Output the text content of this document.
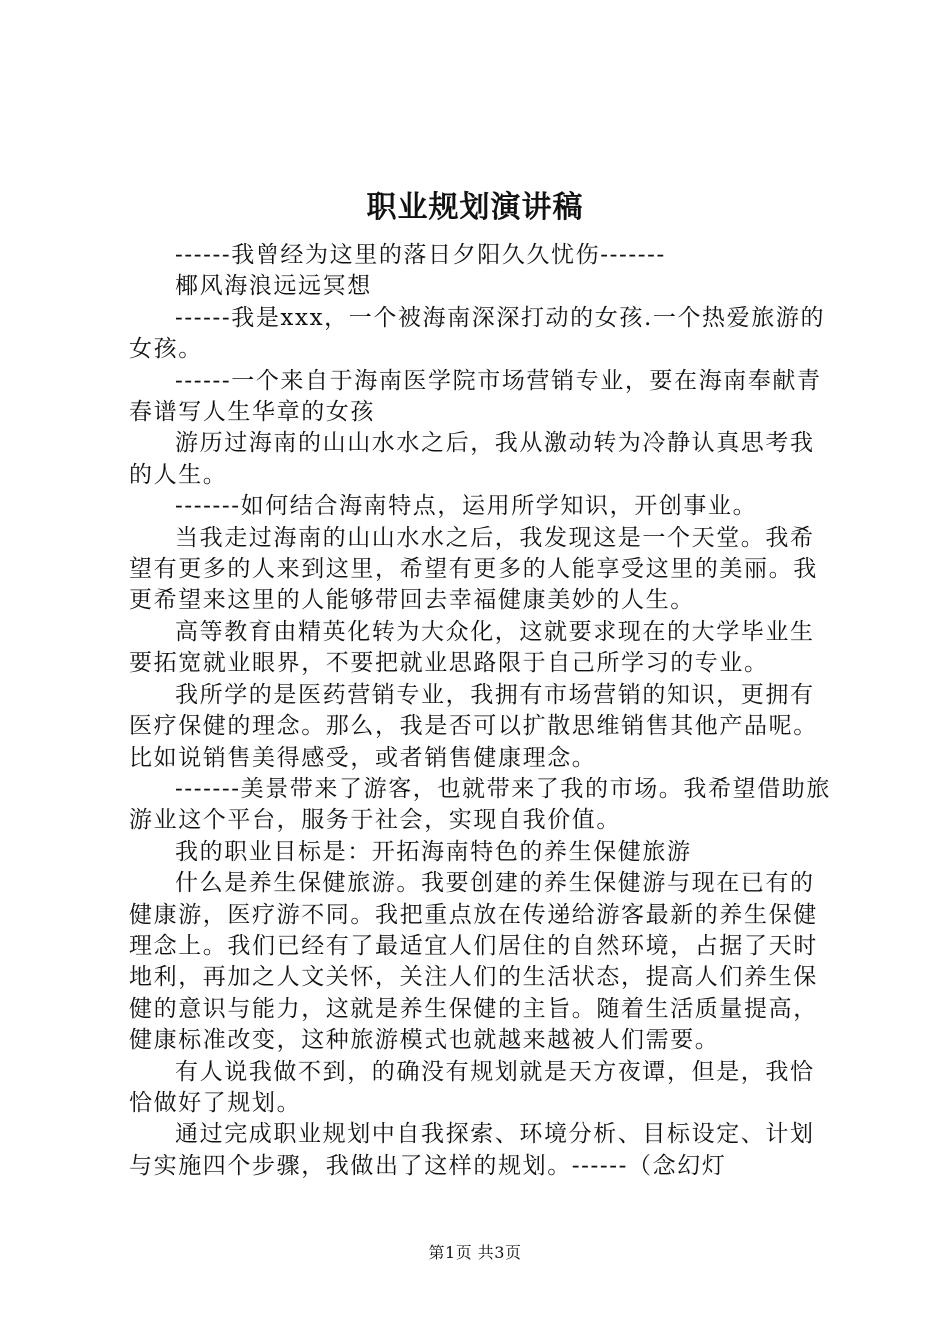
职业规划演讲稿

------我曾经为这里的落日夕阳久久忧伤-------

椰风海浪远远冥想

------我是xxx，一个被海南深深打动的女孩.一个热爱旅游的女孩。

------一个来自于海南医学院市场营销专业，要在海南奉献青春谱写人生华章的女孩

游历过海南的山山水水之后，我从激动转为冷静认真思考我的人生。

-------如何结合海南特点，运用所学知识，开创事业。

当我走过海南的山山水水之后，我发现这是一个天堂。我希望有更多的人来到这里，希望有更多的人能享受这里的美丽。我更希望来这里的人能够带回去幸福健康美妙的人生。

高等教育由精英化转为大众化，这就要求现在的大学毕业生要拓宽就业眼界，不要把就业思路限于自己所学习的专业。

我所学的是医药营销专业，我拥有市场营销的知识，更拥有医疗保健的理念。那么，我是否可以扩散思维销售其他产品呢。比如说销售美得感受，或者销售健康理念。

-------美景带来了游客，也就带来了我的市场。我希望借助旅游业这个平台，服务于社会，实现自我价值。

我的职业目标是：开拓海南特色的养生保健旅游

什么是养生保健旅游。我要创建的养生保健游与现在已有的健康游，医疗游不同。我把重点放在传递给游客最新的养生保健理念上。我们已经有了最适宜人们居住的自然环境，占据了天时地利，再加之人文关怀，关注人们的生活状态，提高人们养生保健的意识与能力，这就是养生保健的主旨。随着生活质量提高，健康标准改变，这种旅游模式也就越来越被人们需要。

有人说我做不到，的确没有规划就是天方夜谭，但是，我恰恰做好了规划。

通过完成职业规划中自我探索、环境分析、目标设定、计划与实施四个步骤，我做出了这样的规划。------（念幻灯

第1页 共3页
